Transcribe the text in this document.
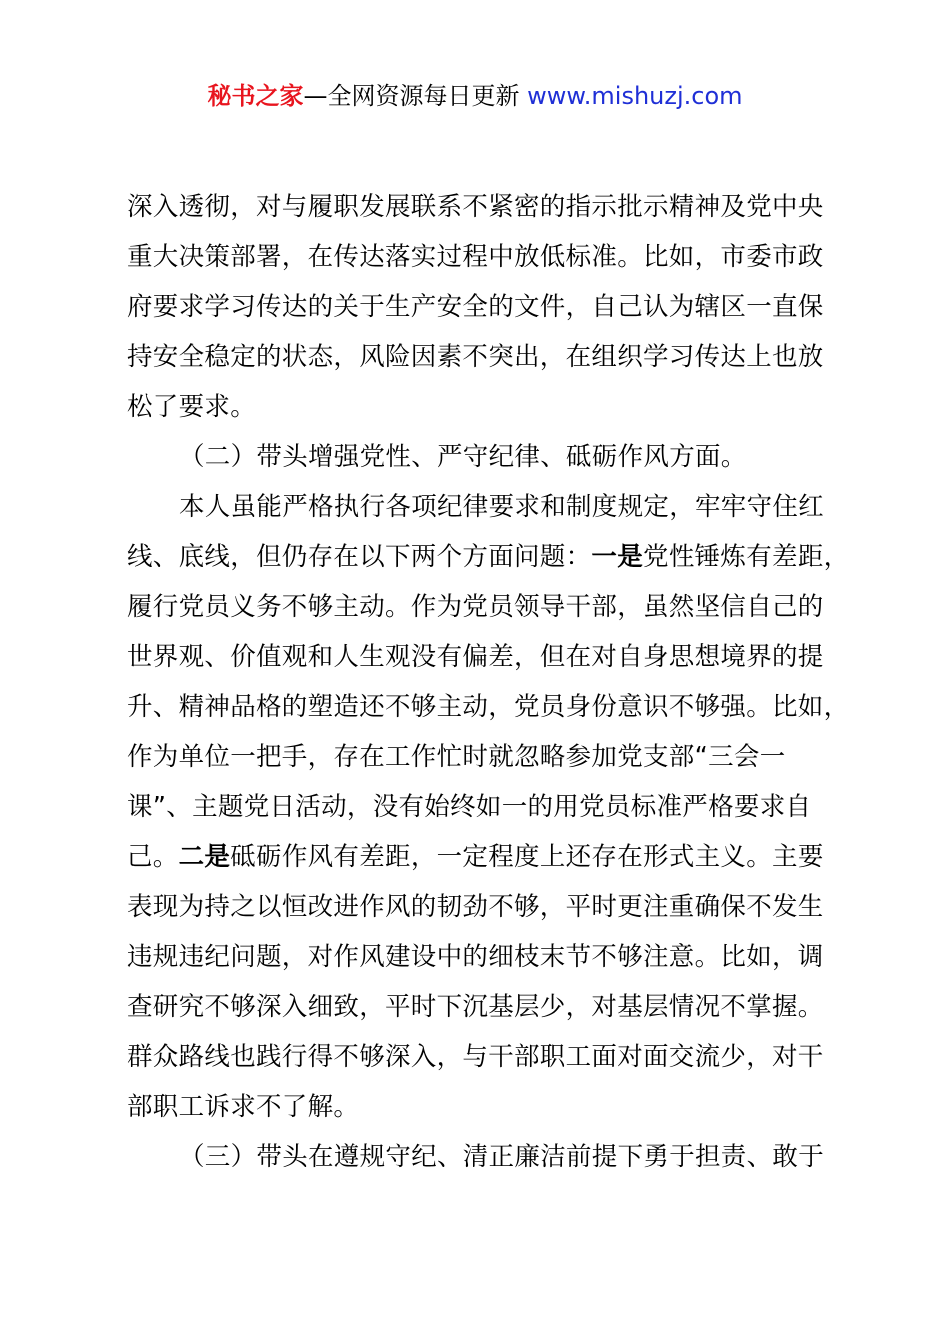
秘书之家—全网资源每日更新 www.mishuzj.com
深入透彻，对与履职发展联系不紧密的指示批示精神及党中央
重大决策部署，在传达落实过程中放低标准。比如，市委市政
府要求学习传达的关于生产安全的文件，自己认为辖区一直保
持安全稳定的状态，风险因素不突出，在组织学习传达上也放
松了要求。
（二）带头增强党性、严守纪律、砥砺作风方面。
本人虽能严格执行各项纪律要求和制度规定，牢牢守住红
线、底线，但仍存在以下两个方面问题：一是党性锤炼有差距，
履行党员义务不够主动。作为党员领导干部，虽然坚信自己的
世界观、价值观和人生观没有偏差，但在对自身思想境界的提
升、精神品格的塑造还不够主动，党员身份意识不够强。比如，
作为单位一把手，存在工作忙时就忽略参加党支部“三会一
课”、主题党日活动，没有始终如一的用党员标准严格要求自
己。二是砥砺作风有差距，一定程度上还存在形式主义。主要
表现为持之以恒改进作风的韧劲不够，平时更注重确保不发生
违规违纪问题，对作风建设中的细枝末节不够注意。比如，调
查研究不够深入细致，平时下沉基层少，对基层情况不掌握。
群众路线也践行得不够深入，与干部职工面对面交流少，对干
部职工诉求不了解。
（三）带头在遵规守纪、清正廉洁前提下勇于担责、敢于
